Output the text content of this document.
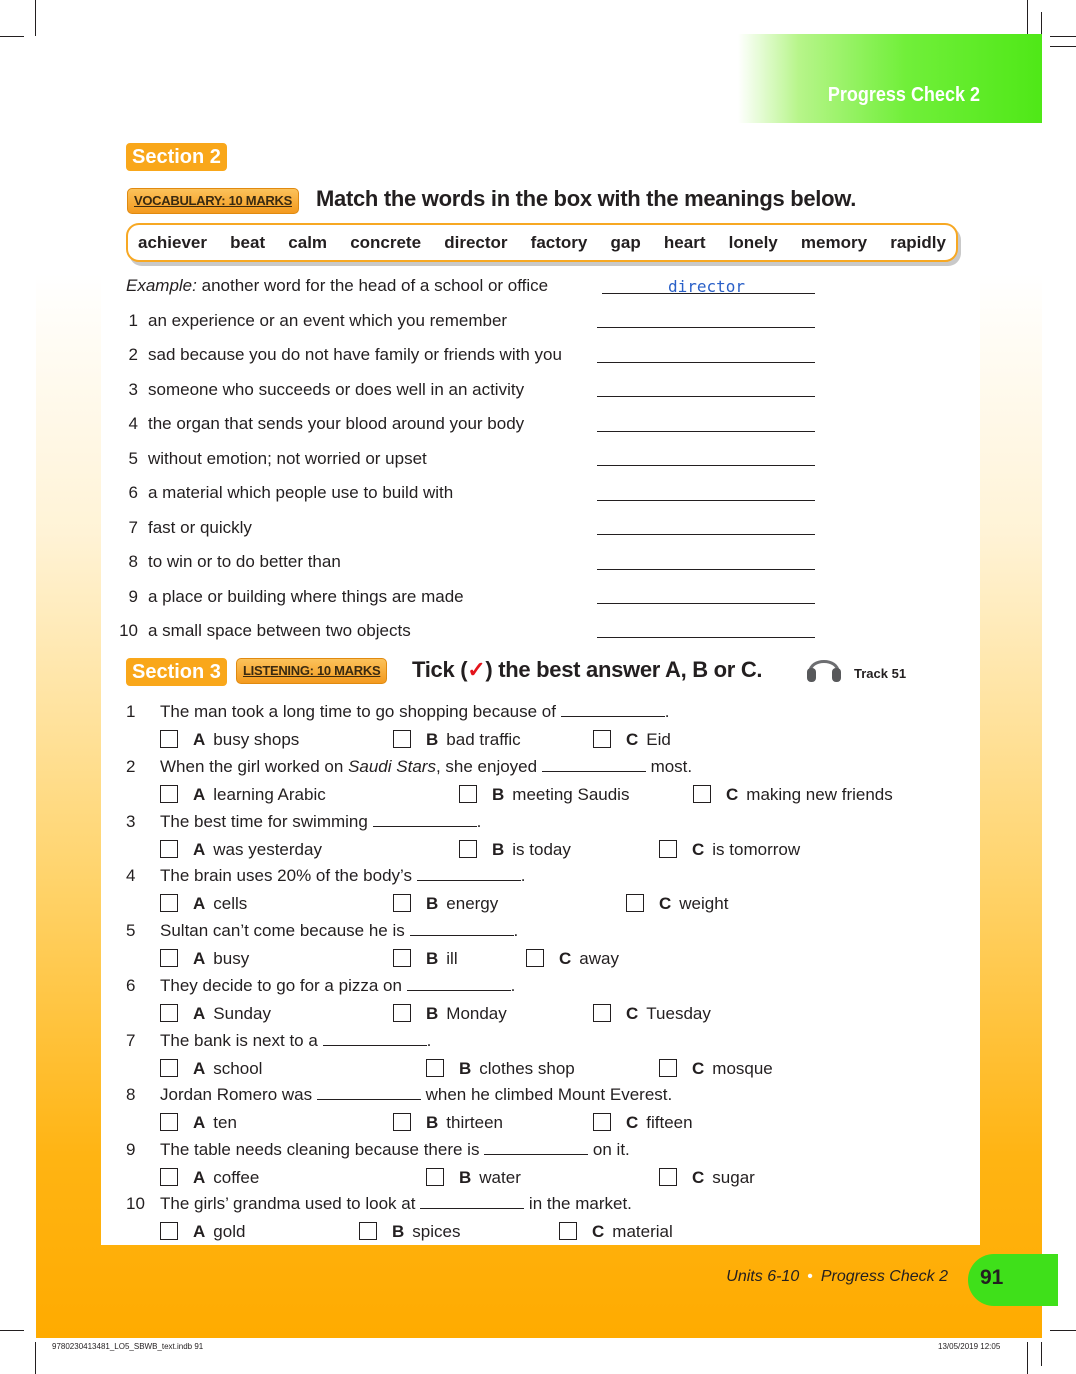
Progress Check 2
Section 2
VOCABULARY: 10 MARKS	Match the words in the box with the meanings below.
achiever beat calm concrete director factory gap heart lonely memory rapidly
Example: another word for the head of a school or office	director
1 an experience or an event which you remember
2 sad because you do not have family or friends with you
3 someone who succeeds or does well in an activity
4 the organ that sends your blood around your body
5 without emotion; not worried or upset
6 a material which people use to build with
7 fast or quickly
8 to win or to do better than
9 a place or building where things are made
10 a small space between two objects
Section 3	LISTENING: 10 MARKS	Tick (✓) the best answer A, B or C.	Track 51
1 The man took a long time to go shopping because of	.
A busy shops	B bad traffic	C Eid
2 When the girl worked on Saudi Stars, she enjoyed	most.
A learning Arabic	B meeting Saudis	C making new friends
3 The best time for swimming	.
A was yesterday	B is today	C is tomorrow
4 The brain uses 20% of the body’s	.
A cells	B energy	C weight
5 Sultan can’t come because he is	.
A busy	B ill	C away
6 They decide to go for a pizza on	.
A Sunday	B Monday	C Tuesday
7 The bank is next to a	.
A school	B clothes shop	C mosque
8 Jordan Romero was	when he climbed Mount Everest.
A ten	B thirteen	C fifteen
9 The table needs cleaning because there is	on it.
A coffee	B water	C sugar
10 The girls’ grandma used to look at	in the market.
A gold	B spices	C material
Units 6-10 • Progress Check 2	91
9780230413481_LO5_SBWB_text.indb 91	13/05/2019 12:05
